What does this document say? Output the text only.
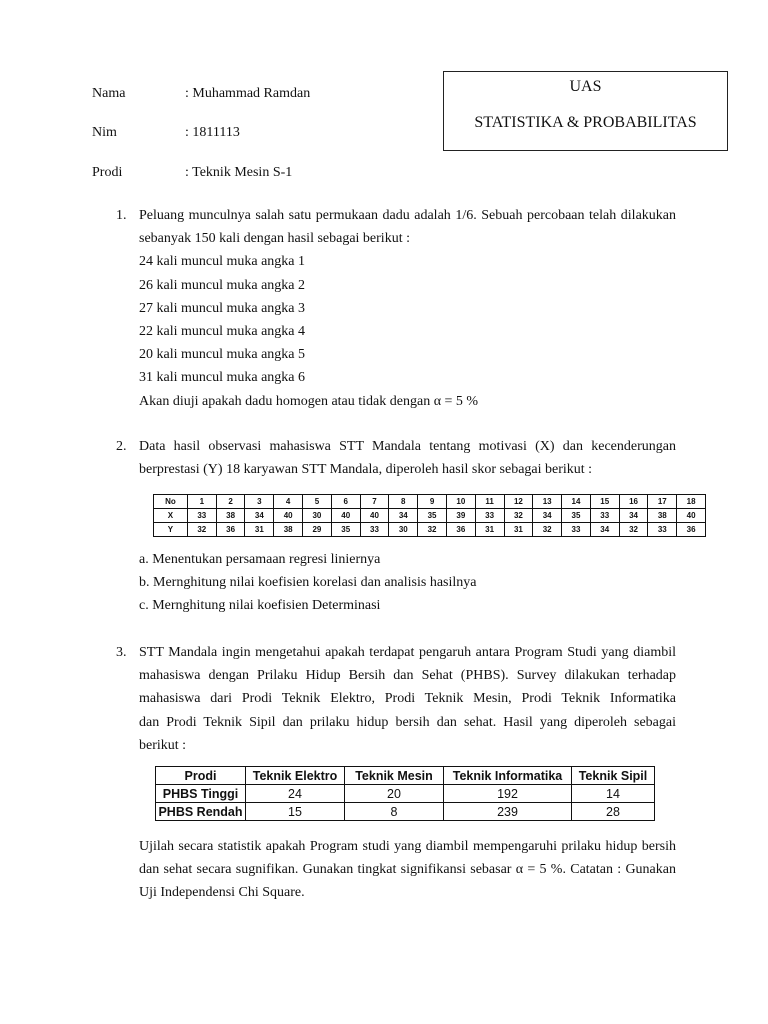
Nama	: Muhammad Ramdan
Nim	: 1811113
Prodi	: Teknik Mesin S-1
UAS
STATISTIKA & PROBABILITAS
1. Peluang munculnya salah satu permukaan dadu adalah 1/6. Sebuah percobaan telah dilakukan
sebanyak 150 kali dengan hasil sebagai berikut :
24 kali muncul muka angka 1
26 kali muncul muka angka 2
27 kali muncul muka angka 3
22 kali muncul muka angka 4
20 kali muncul muka angka 5
31 kali muncul muka angka 6
Akan diuji apakah dadu homogen atau tidak dengan α = 5 %
2. Data hasil observasi mahasiswa STT Mandala tentang motivasi (X) dan kecenderungan
berprestasi (Y) 18 karyawan STT Mandala, diperoleh hasil skor sebagai berikut :
No	1	2	3	4	5	6	7	8	9	10	11	12	13	14	15	16	17	18
X	33	38	34	40	30	40	40	34	35	39	33	32	34	35	33	34	38	40
Y	32	36	31	38	29	35	33	30	32	36	31	31	32	33	34	32	33	36
a. Menentukan persamaan regresi liniernya
b. Mernghitung nilai koefisien korelasi dan analisis hasilnya
c. Mernghitung nilai koefisien Determinasi
3. STT Mandala ingin mengetahui apakah terdapat pengaruh antara Program Studi yang diambil
mahasiswa dengan Prilaku Hidup Bersih dan Sehat (PHBS). Survey dilakukan terhadap
mahasiswa dari Prodi Teknik Elektro, Prodi Teknik Mesin, Prodi Teknik Informatika
dan Prodi Teknik Sipil dan prilaku hidup bersih dan sehat. Hasil yang diperoleh sebagai
berikut :
Prodi	Teknik Elektro	Teknik Mesin	Teknik Informatika	Teknik Sipil
PHBS Tinggi	24	20	192	14
PHBS Rendah	15	8	239	28
Ujilah secara statistik apakah Program studi yang diambil mempengaruhi prilaku hidup bersih
dan sehat secara sugnifikan. Gunakan tingkat signifikansi sebasar α = 5 %. Catatan : Gunakan
Uji Independensi Chi Square.
